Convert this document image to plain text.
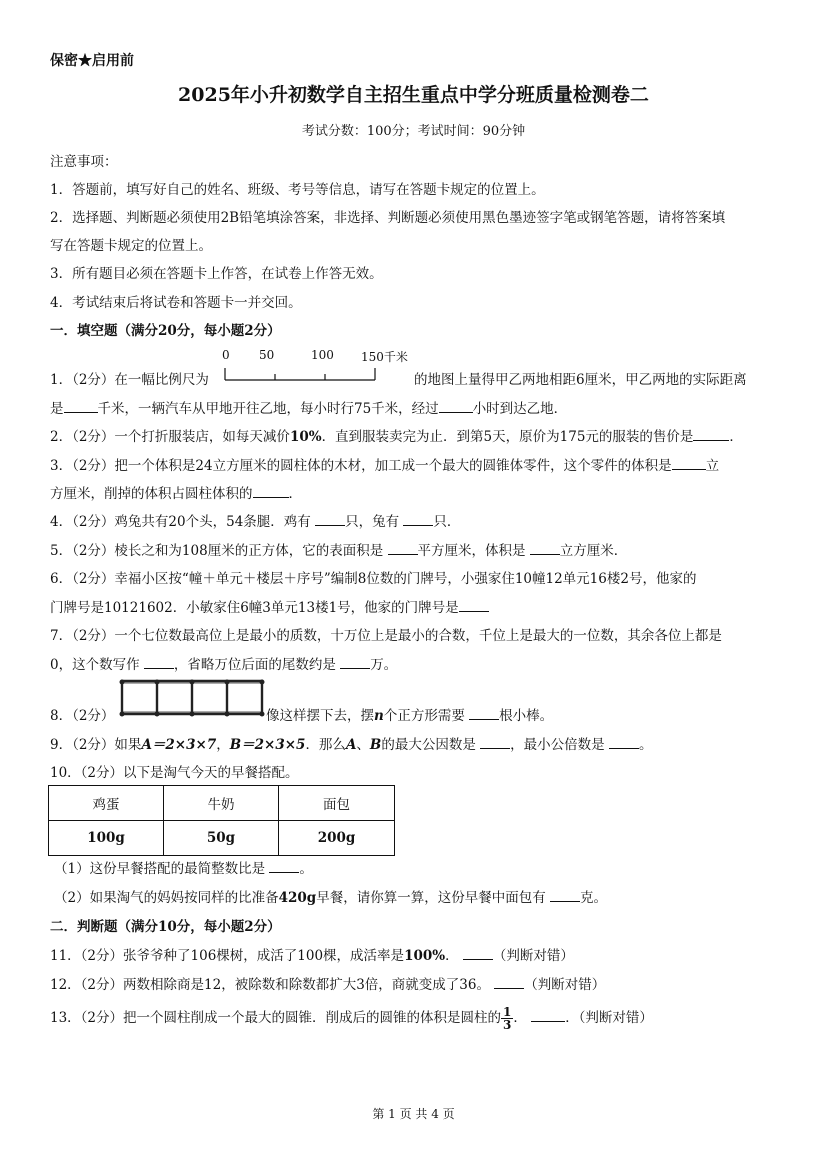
保密★启用前
2025年小升初数学自主招生重点中学分班质量检测卷二
考试分数：100分；考试时间：90分钟
注意事项：
1．答题前，填写好自己的姓名、班级、考号等信息，请写在答题卡规定的位置上。
2．选择题、判断题必须使用2B铅笔填涂答案，非选择、判断题必须使用黑色墨迹签字笔或钢笔答题，请将答案填
写在答题卡规定的位置上。
3．所有题目必须在答题卡上作答，在试卷上作答无效。
4．考试结束后将试卷和答题卡一并交回。
一．填空题（满分20分，每小题2分）
0 50	100 150千米
1．（2分）在一幅比例尺为	的地图上量得甲乙两地相距6厘米，甲乙两地的实际距离
是	千米，一辆汽车从甲地开往乙地，每小时行75千米，经过	小时到达乙地．
2．（2分）一个打折服装店，如每天减价10%．直到服装卖完为止．到第5天，原价为175元的服装的售价是	．
3．（2分）把一个体积是24立方厘米的圆柱体的木材，加工成一个最大的圆锥体零件，这个零件的体积是	立
方厘米，削掉的体积占圆柱体积的	．
4．（2分）鸡兔共有20个头，54条腿．鸡有	只，兔有	只．
5．（2分）棱长之和为108厘米的正方体，它的表面积是	平方厘米，体积是	立方厘米．
6．（2分）幸福小区按“幢＋单元＋楼层＋序号”编制8位数的门牌号，小强家住10幢12单元16楼2号，他家的
门牌号是10121602．小敏家住6幢3单元13楼1号，他家的门牌号是
7．（2分）一个七位数最高位上是最小的质数，十万位上是最小的合数，千位上是最大的一位数，其余各位上都是
0，这个数写作	，省略万位后面的尾数约是	万。
8．（2分）	像这样摆下去，摆n个正方形需要	根小棒。
9．（2分）如果A＝2×3×7，B＝2×3×5．那么A、B的最大公因数是	，最小公倍数是	。
10．（2分）以下是淘气今天的早餐搭配。
鸡蛋	牛奶	面包
100g	50g	200g
（1）这份早餐搭配的最简整数比是	。
（2）如果淘气的妈妈按同样的比准备420g早餐，请你算一算，这份早餐中面包有	克。
二．判断题（满分10分，每小题2分）
11．（2分）张爷爷种了106棵树，成活了100棵，成活率是100%．	（判断对错）
12．（2分）两数相除商是12，被除数和除数都扩大3倍，商就变成了36。	（判断对错）
13．（2分）把一个圆柱削成一个最大的圆锥．削成后的圆锥的体积是圆柱的 $\frac{1}{3}$ ．	．（判断对错）
第 1 页 共 4 页
